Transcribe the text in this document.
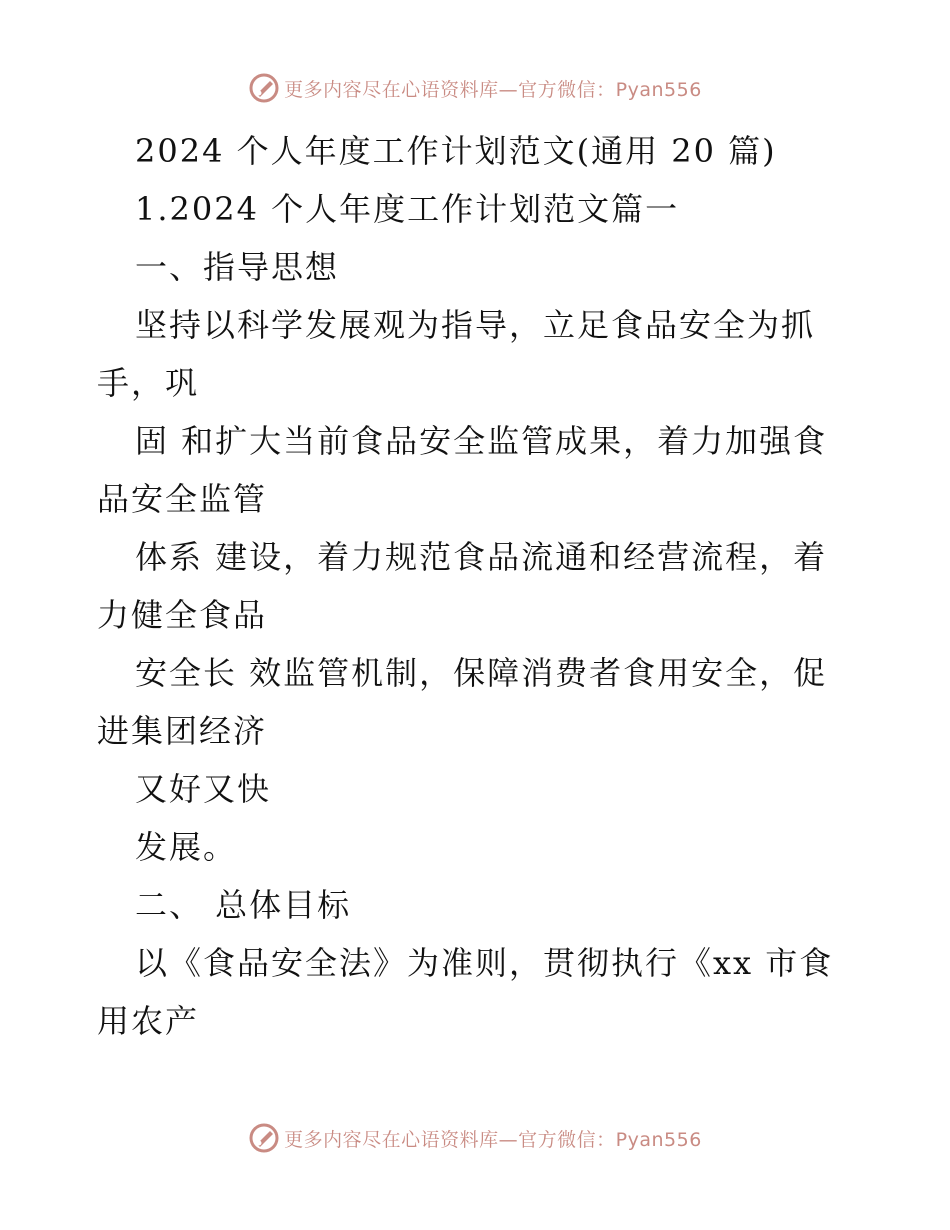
更多内容尽在心语资料库—官方微信：Pyan556
2024 个人年度工作计划范文(通用 20 篇)
1.2024 个人年度工作计划范文篇一
一、指导思想
坚持以科学发展观为指导，立足食品安全为抓
手，巩
固 和扩大当前食品安全监管成果，着力加强食
品安全监管
体系 建设，着力规范食品流通和经营流程，着
力健全食品
安全长 效监管机制，保障消费者食用安全，促
进集团经济
又好又快
发展。
二、 总体目标
以《食品安全法》为准则，贯彻执行《xx 市食
用农产
更多内容尽在心语资料库—官方微信：Pyan556
